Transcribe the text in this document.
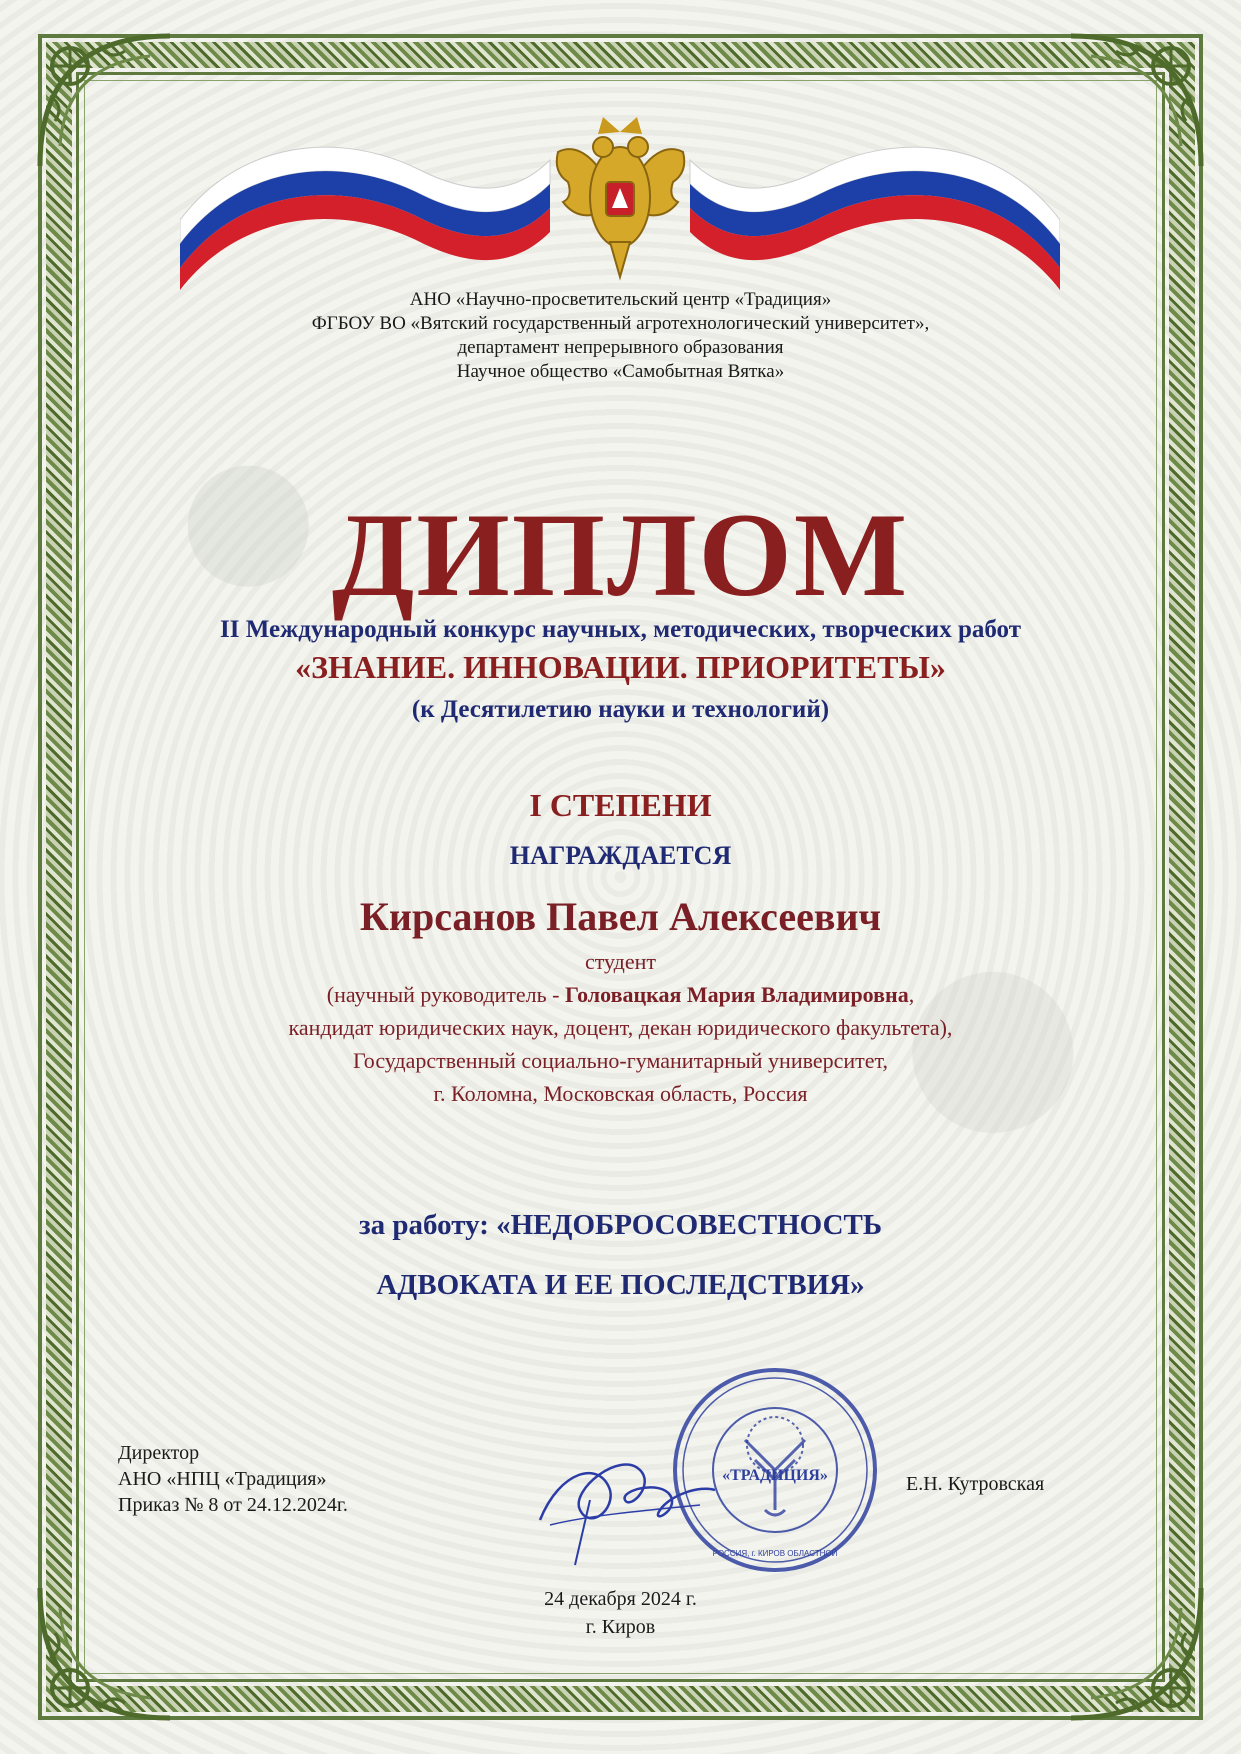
АНО «Научно-просветительский центр «Традиция»
ФГБОУ ВО «Вятский государственный агротехнологический университет»,
департамент непрерывного образования
Научное общество «Самобытная Вятка»
ДИПЛОМ
II Международный конкурс научных, методических, творческих работ
«ЗНАНИЕ. ИННОВАЦИИ. ПРИОРИТЕТЫ»
(к Десятилетию науки и технологий)
I СТЕПЕНИ
НАГРАЖДАЕТСЯ
Кирсанов Павел Алексеевич
студент
(научный руководитель - Головацкая Мария Владимировна,
кандидат юридических наук, доцент, декан юридического факультета),
Государственный социально-гуманитарный университет,
г. Коломна, Московская область, Россия
за работу: «НЕДОБРОСОВЕСТНОСТЬ
АДВОКАТА И ЕЕ ПОСЛЕДСТВИЯ»
Директор
АНО «НПЦ «Традиция»
Приказ № 8 от 24.12.2024г.
«ТРАДИЦИЯ»
РОССИЯ, г. КИРОВ ОБЛАСТНОЙ
Е.Н. Кутровская
24 декабря 2024 г.
г. Киров
